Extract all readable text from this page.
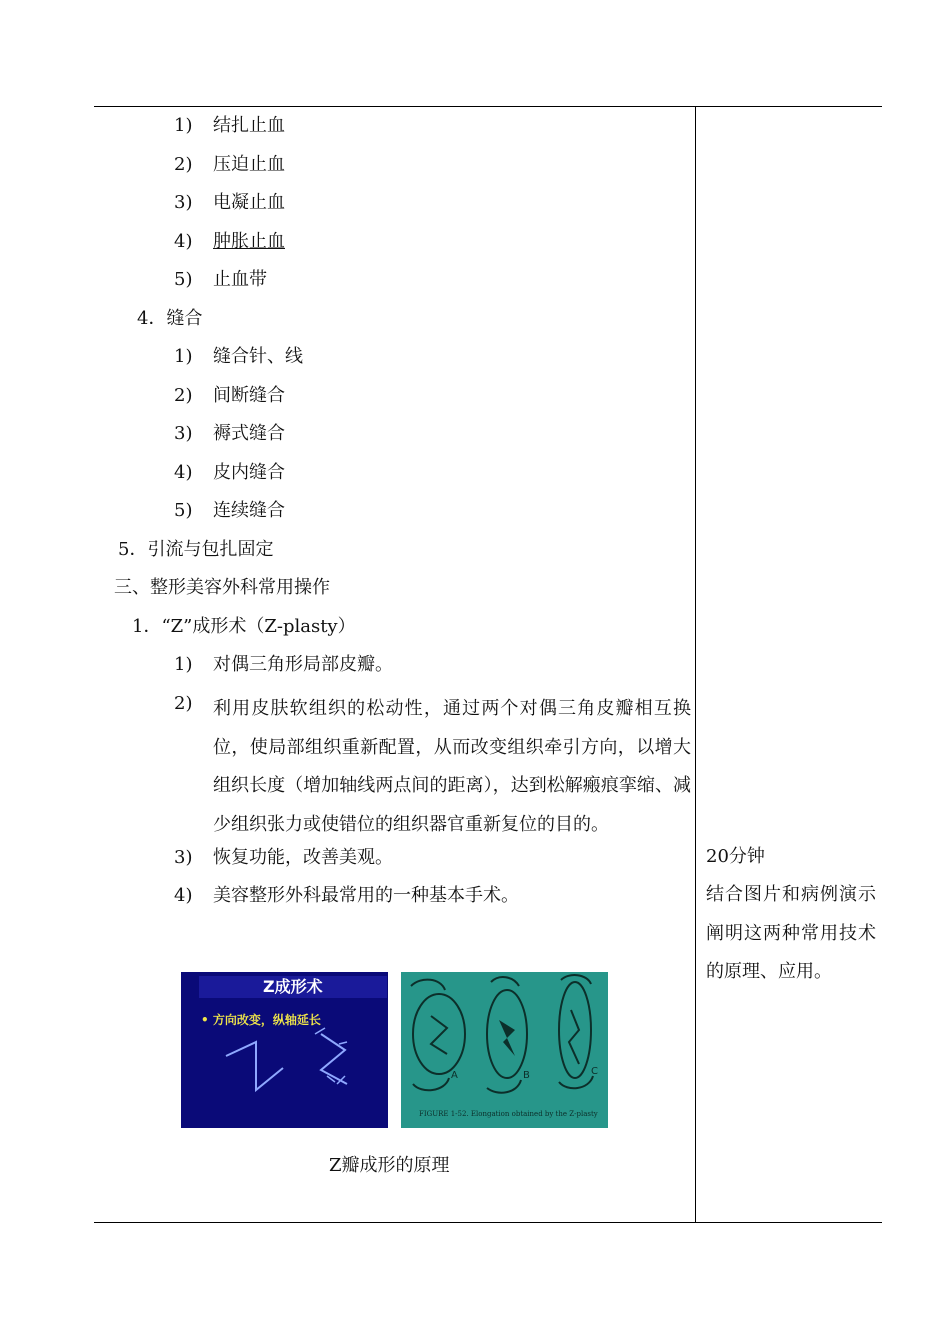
1) 结扎止血
2) 压迫止血
3) 电凝止血
4) 肿胀止血
5) 止血带
4．缝合
1) 缝合针、线
2) 间断缝合
3) 褥式缝合
4) 皮内缝合
5) 连续缝合
5．引流与包扎固定
三、整形美容外科常用操作
1．“Z”成形术（Z-plasty）
1) 对偶三角形局部皮瓣。
2) 利用皮肤软组织的松动性，通过两个对偶三角皮瓣相互换位，使局部组织重新配置，从而改变组织牵引方向，以增大组织长度（增加轴线两点间的距离），达到松解瘢痕挛缩、减少组织张力或使错位的组织器官重新复位的目的。
3) 恢复功能，改善美观。
4) 美容整形外科最常用的一种基本手术。
20分钟
结合图片和病例演示阐明这两种常用技术的原理、应用。
Z成形术
• 方向改变，纵轴延长
A	B	C
FIGURE 1-52. Elongation obtained by the Z-plasty
Z瓣成形的原理
